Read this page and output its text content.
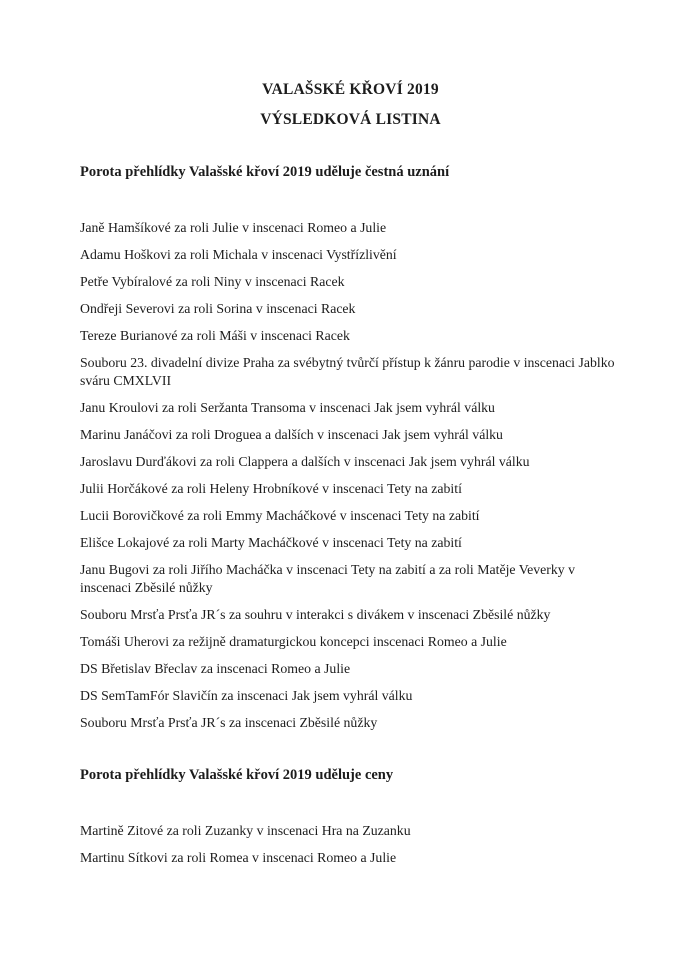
VALAŠSKÉ KŘOVÍ 2019

VÝSLEDKOVÁ LISTINA

Porota přehlídky Valašské křoví 2019 uděluje čestná uznání

Janě Hamšíkové za roli Julie v inscenaci Romeo a Julie

Adamu Hoškovi za roli Michala v inscenaci Vystřízlivění

Petře Vybíralové za roli Niny v inscenaci Racek

Ondřeji Severovi za roli Sorina v inscenaci Racek

Tereze Burianové za roli Máši v inscenaci Racek

Souboru 23. divadelní divize Praha za svébytný tvůrčí přístup k žánru parodie v inscenaci Jablko sváru CMXLVII

Janu Kroulovi za roli Seržanta Transoma v inscenaci Jak jsem vyhrál válku

Marinu Janáčovi za roli Droguea a dalších v inscenaci Jak jsem vyhrál válku

Jaroslavu Durďákovi za roli Clappera a dalších v inscenaci Jak jsem vyhrál válku

Julii Horčákové za roli Heleny Hrobníkové v inscenaci Tety na zabití

Lucii Borovičkové za roli Emmy Macháčkové v inscenaci Tety na zabití

Elišce Lokajové za roli Marty Macháčkové v inscenaci Tety na zabití

Janu Bugovi za roli Jiřího Macháčka v inscenaci Tety na zabití a za roli Matěje Veverky v inscenaci Zběsilé nůžky

Souboru Mrsťa Prsťa JR´s za souhru v interakci s divákem v inscenaci Zběsilé nůžky

Tomáši Uherovi za režijně dramaturgickou koncepci inscenaci Romeo a Julie

DS Břetislav Břeclav za inscenaci Romeo a Julie

DS SemTamFór Slavičín za inscenaci Jak jsem vyhrál válku

Souboru Mrsťa Prsťa JR´s za inscenaci Zběsilé nůžky

Porota přehlídky Valašské křoví 2019 uděluje ceny

Martině Zitové za roli Zuzanky v inscenaci Hra na Zuzanku

Martinu Sítkovi za roli Romea v inscenaci Romeo a Julie
